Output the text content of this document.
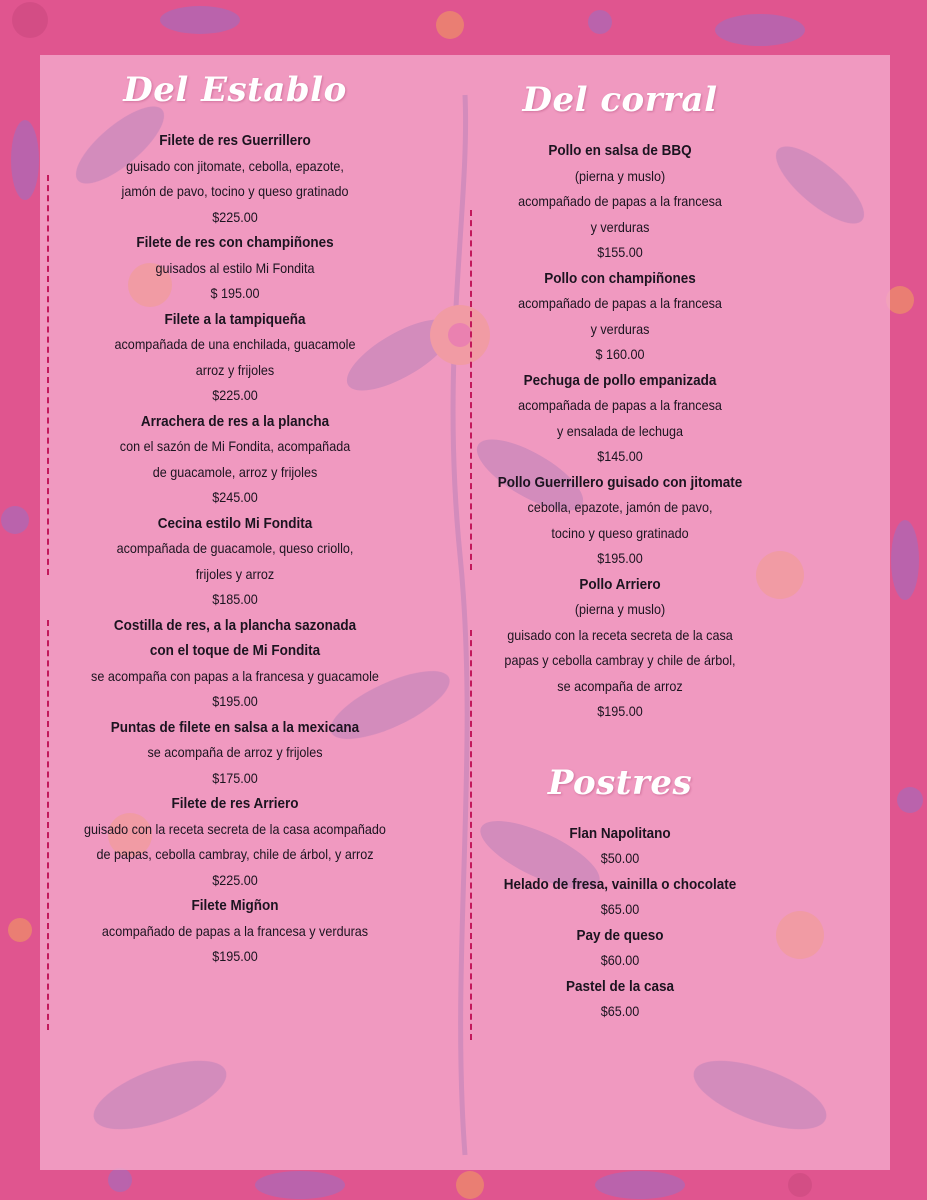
Del Establo
Filete de res Guerrillero
guisado con jitomate, cebolla, epazote,
jamón de pavo, tocino y queso gratinado
$225.00
Filete de res con champiñones
guisados al estilo Mi Fondita
$ 195.00
Filete a la tampiqueña
acompañada de una enchilada, guacamole
arroz y frijoles
$225.00
Arrachera de res a la plancha
con el sazón de Mi Fondita, acompañada
de guacamole, arroz y frijoles
$245.00
Cecina estilo Mi Fondita
acompañada de guacamole, queso criollo,
frijoles y arroz
$185.00
Costilla de res, a la plancha sazonada
con el toque de Mi Fondita
se acompaña con papas a la francesa y guacamole
$195.00
Puntas de filete en salsa a la mexicana
se acompaña de arroz y frijoles
$175.00
Filete de res Arriero
guisado con la receta secreta de la casa acompañado
de papas, cebolla cambray, chile de árbol, y arroz
$225.00
Filete Migñon
acompañado de papas a la francesa y verduras
$195.00
Del corral
Pollo en salsa de BBQ
(pierna y muslo)
acompañado de papas a la francesa
y verduras
$155.00
Pollo con champiñones
acompañado de papas a la francesa
y verduras
$ 160.00
Pechuga de pollo empanizada
acompañada de papas a la francesa
y ensalada de lechuga
$145.00
Pollo Guerrillero guisado con jitomate
cebolla, epazote, jamón de pavo,
tocino y queso gratinado
$195.00
Pollo Arriero
(pierna y muslo)
guisado con la receta secreta de la casa
papas y cebolla cambray y chile de árbol,
se acompaña de arroz
$195.00
Postres
Flan Napolitano
$50.00
Helado de fresa, vainilla o chocolate
$65.00
Pay de queso
$60.00
Pastel de la casa
$65.00
